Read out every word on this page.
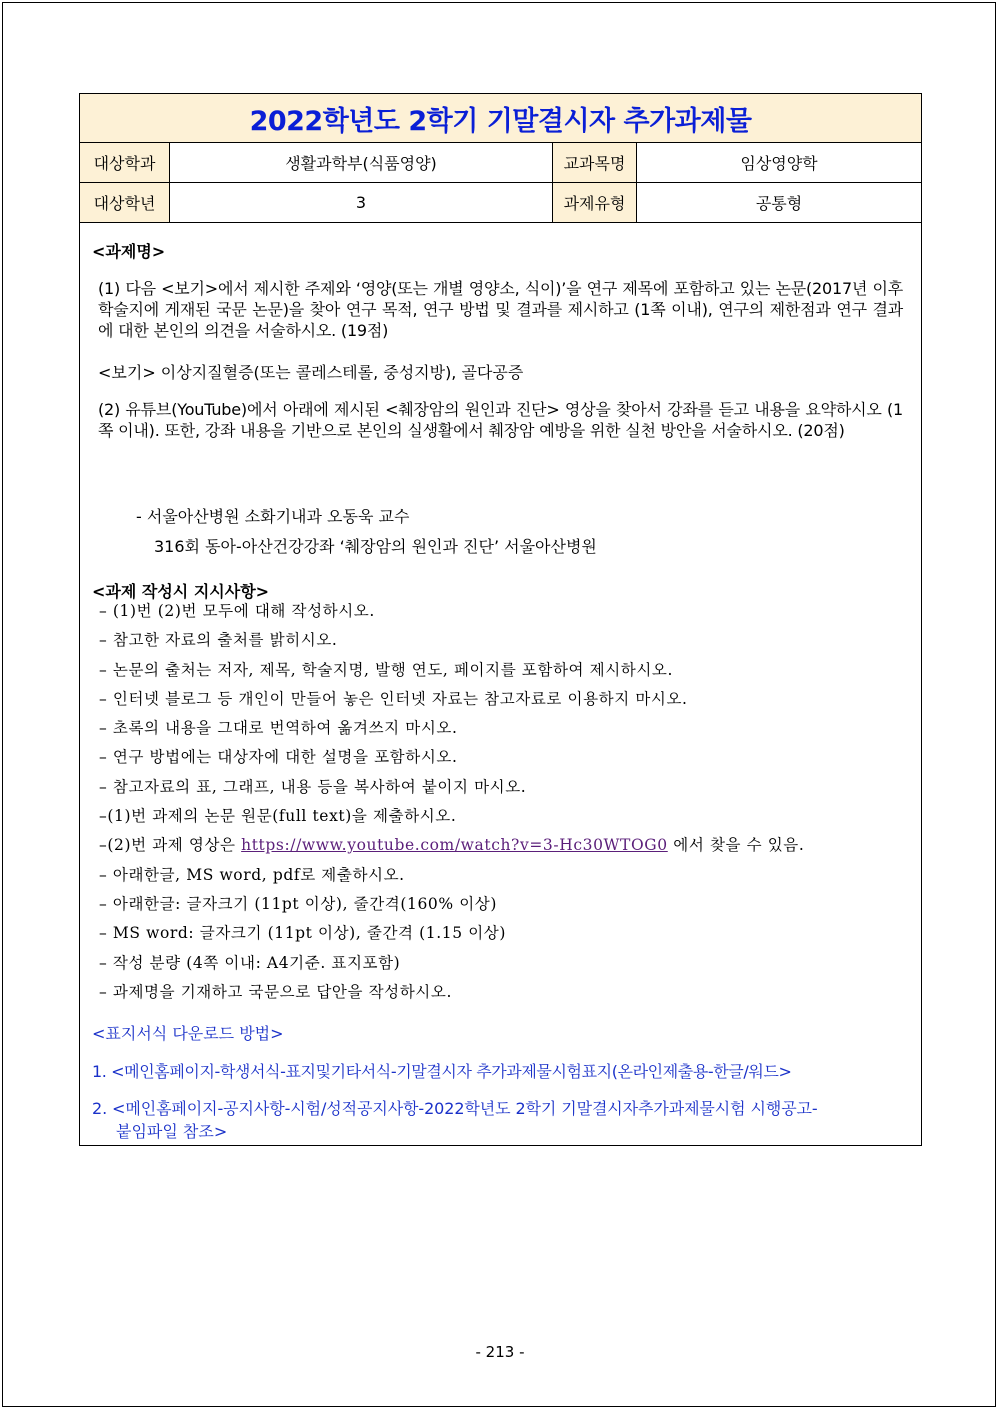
2022학년도 2학기 기말결시자 추가과제물
대상학과	생활과학부(식품영양)	교과목명	임상영양학
대상학년	3	과제유형	공통형
<과제명>
(1) 다음 <보기>에서 제시한 주제와 ‘영양(또는 개별 영양소, 식이)’을 연구 제목에 포함하고 있는 논문(2017년 이후 학술지에 게재된 국문 논문)을 찾아 연구 목적, 연구 방법 및 결과를 제시하고 (1쪽 이내), 연구의 제한점과 연구 결과에 대한 본인의 의견을 서술하시오. (19점)
<보기> 이상지질혈증(또는 콜레스테롤, 중성지방), 골다공증
(2) 유튜브(YouTube)에서 아래에 제시된 <췌장암의 원인과 진단> 영상을 찾아서 강좌를 듣고 내용을 요약하시오 (1쪽 이내). 또한, 강좌 내용을 기반으로 본인의 실생활에서 췌장암 예방을 위한 실천 방안을 서술하시오. (20점)
- 서울아산병원 소화기내과 오동욱 교수
316회 동아-아산건강강좌 ‘췌장암의 원인과 진단’ 서울아산병원
<과제 작성시 지시사항>
– (1)번 (2)번 모두에 대해 작성하시오.
– 참고한 자료의 출처를 밝히시오.
– 논문의 출처는 저자, 제목, 학술지명, 발행 연도, 페이지를 포함하여 제시하시오.
– 인터넷 블로그 등 개인이 만들어 놓은 인터넷 자료는 참고자료로 이용하지 마시오.
– 초록의 내용을 그대로 번역하여 옮겨쓰지 마시오.
– 연구 방법에는 대상자에 대한 설명을 포함하시오.
– 참고자료의 표, 그래프, 내용 등을 복사하여 붙이지 마시오.
–(1)번 과제의 논문 원문(full text)을 제출하시오.
–(2)번 과제 영상은 https://www.youtube.com/watch?v=3-Hc30WTOG0 에서 찾을 수 있음.
– 아래한글, MS word, pdf로 제출하시오.
– 아래한글: 글자크기 (11pt 이상), 줄간격(160% 이상)
– MS word: 글자크기 (11pt 이상), 줄간격 (1.15 이상)
– 작성 분량 (4쪽 이내: A4기준. 표지포함)
– 과제명을 기재하고 국문으로 답안을 작성하시오.
<표지서식 다운로드 방법>
1. <메인홈페이지-학생서식-표지및기타서식-기말결시자 추가과제물시험표지(온라인제출용-한글/워드>
2. <메인홈페이지-공지사항-시험/성적공지사항-2022학년도 2학기 기말결시자추가과제물시험 시행공고-
붙임파일 참조>
- 213 -
